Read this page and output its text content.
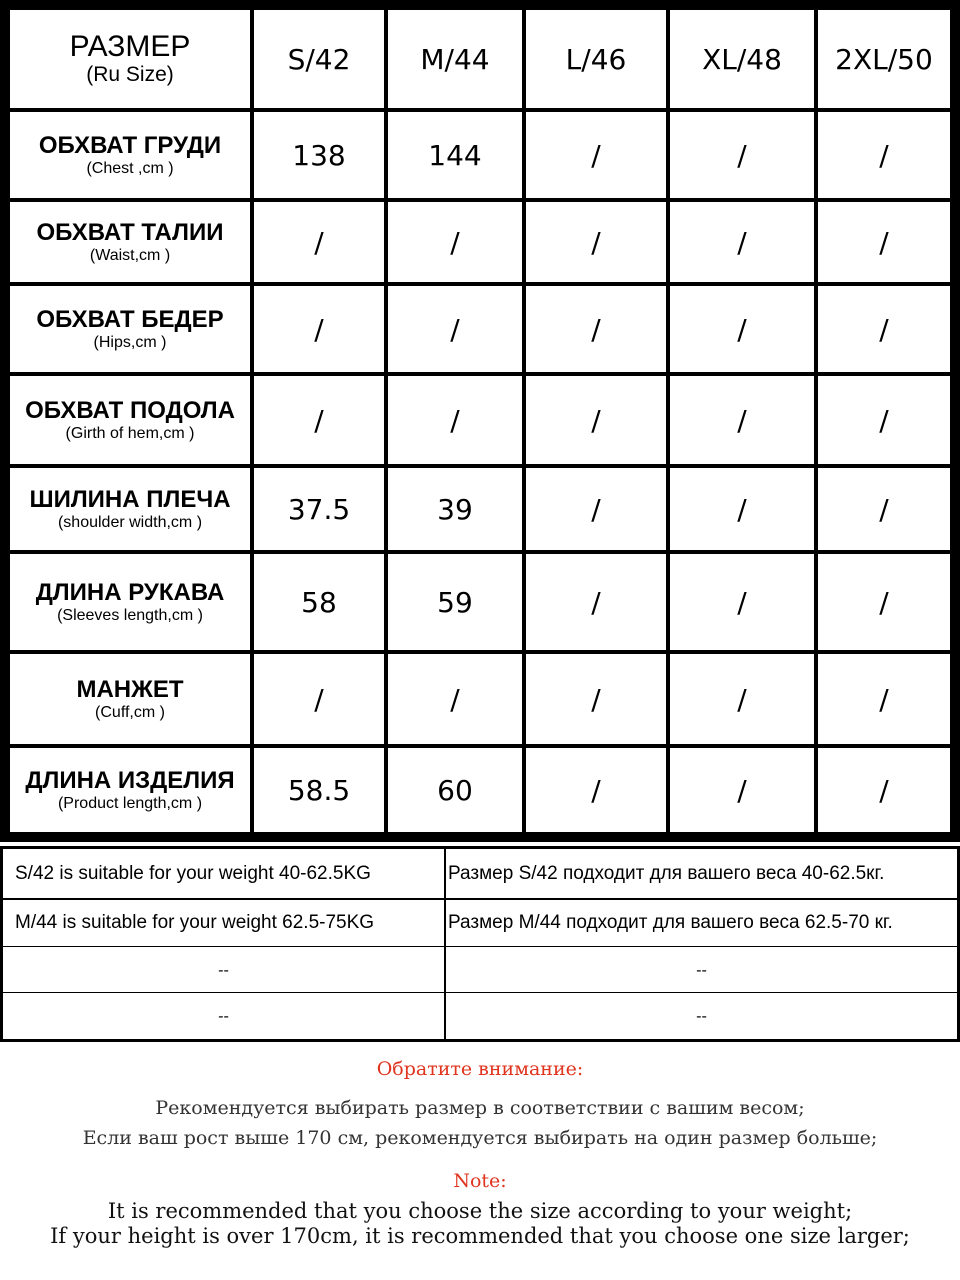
РАЗМЕР
(Ru Size)	S/42	M/44	L/46	XL/48	2XL/50
ОБХВАТ ГРУДИ
(Chest ,cm )	138	144	/	/	/
ОБХВАТ ТАЛИИ
(Waist,cm )	/	/	/	/	/
ОБХВАТ БЕДЕР
(Hips,cm )	/	/	/	/	/
ОБХВАТ ПОДОЛА
(Girth of hem,cm )	/	/	/	/	/
ШИЛИНА ПЛЕЧА
(shoulder width,cm )	37.5	39	/	/	/
ДЛИНА РУКАВА
(Sleeves length,cm )	58	59	/	/	/
МАНЖЕТ
(Cuff,cm )	/	/	/	/	/
ДЛИНА ИЗДЕЛИЯ
(Product length,cm )	58.5	60	/	/	/
S/42 is suitable for your weight 40-62.5KG	Размер S/42 подходит для вашего веса 40-62.5кг.
M/44 is suitable for your weight 62.5-75KG	Размер M/44 подходит для вашего веса 62.5-70 кг.
--	--
--	--
Обратите внимание:
Рекомендуется выбирать размер в соответствии с вашим весом;
Если ваш рост выше 170 см, рекомендуется выбирать на один размер больше;
Note:
It is recommended that you choose the size according to your weight;
If your height is over 170cm, it is recommended that you choose one size larger;
